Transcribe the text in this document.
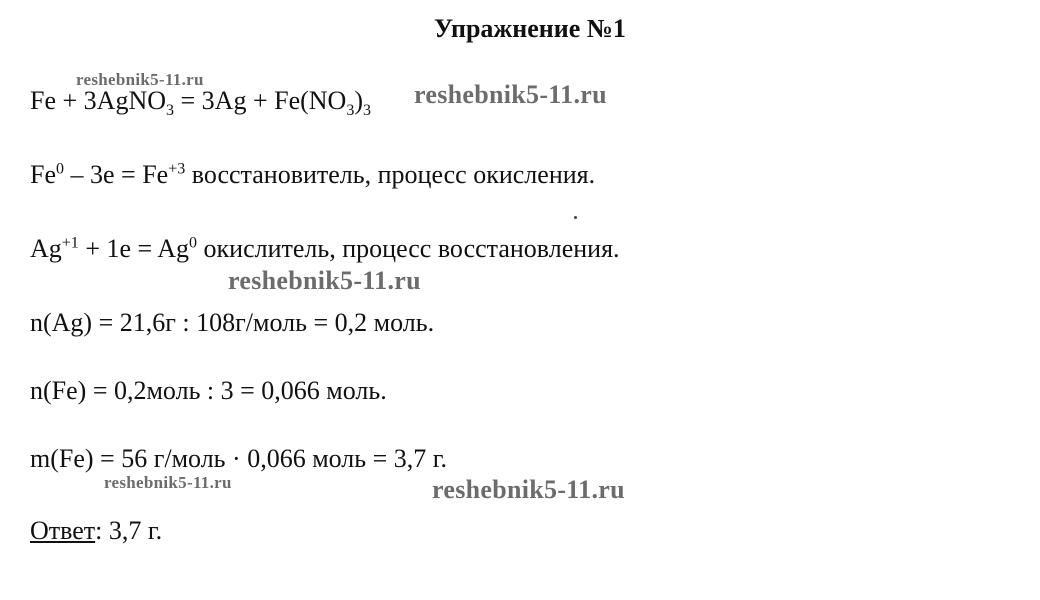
Упражнение №1
reshebnik5-11.ru
Fe + 3AgNO$_3$ = $3Ag + Fe(NO_3)_3$
reshebnik5-11.ru
$Fe^0 - 3e = Fe^{+3}$ восстановитель, процесс окисления.
$Ag^{+1} + 1e = Ag^0$ окислитель, процесс восстановления.
reshebnik5-11.ru
n(Ag) = 21,6г : 108г/моль = 0,2 моль.
n(Fe) = 0,2моль : 3 = 0,066 моль.
m(Fe) = 56 г/моль · 0,066 моль = 3,7 г.
reshebnik5-11.ru	reshebnik5-11.ru
Ответ: 3,7 г.
